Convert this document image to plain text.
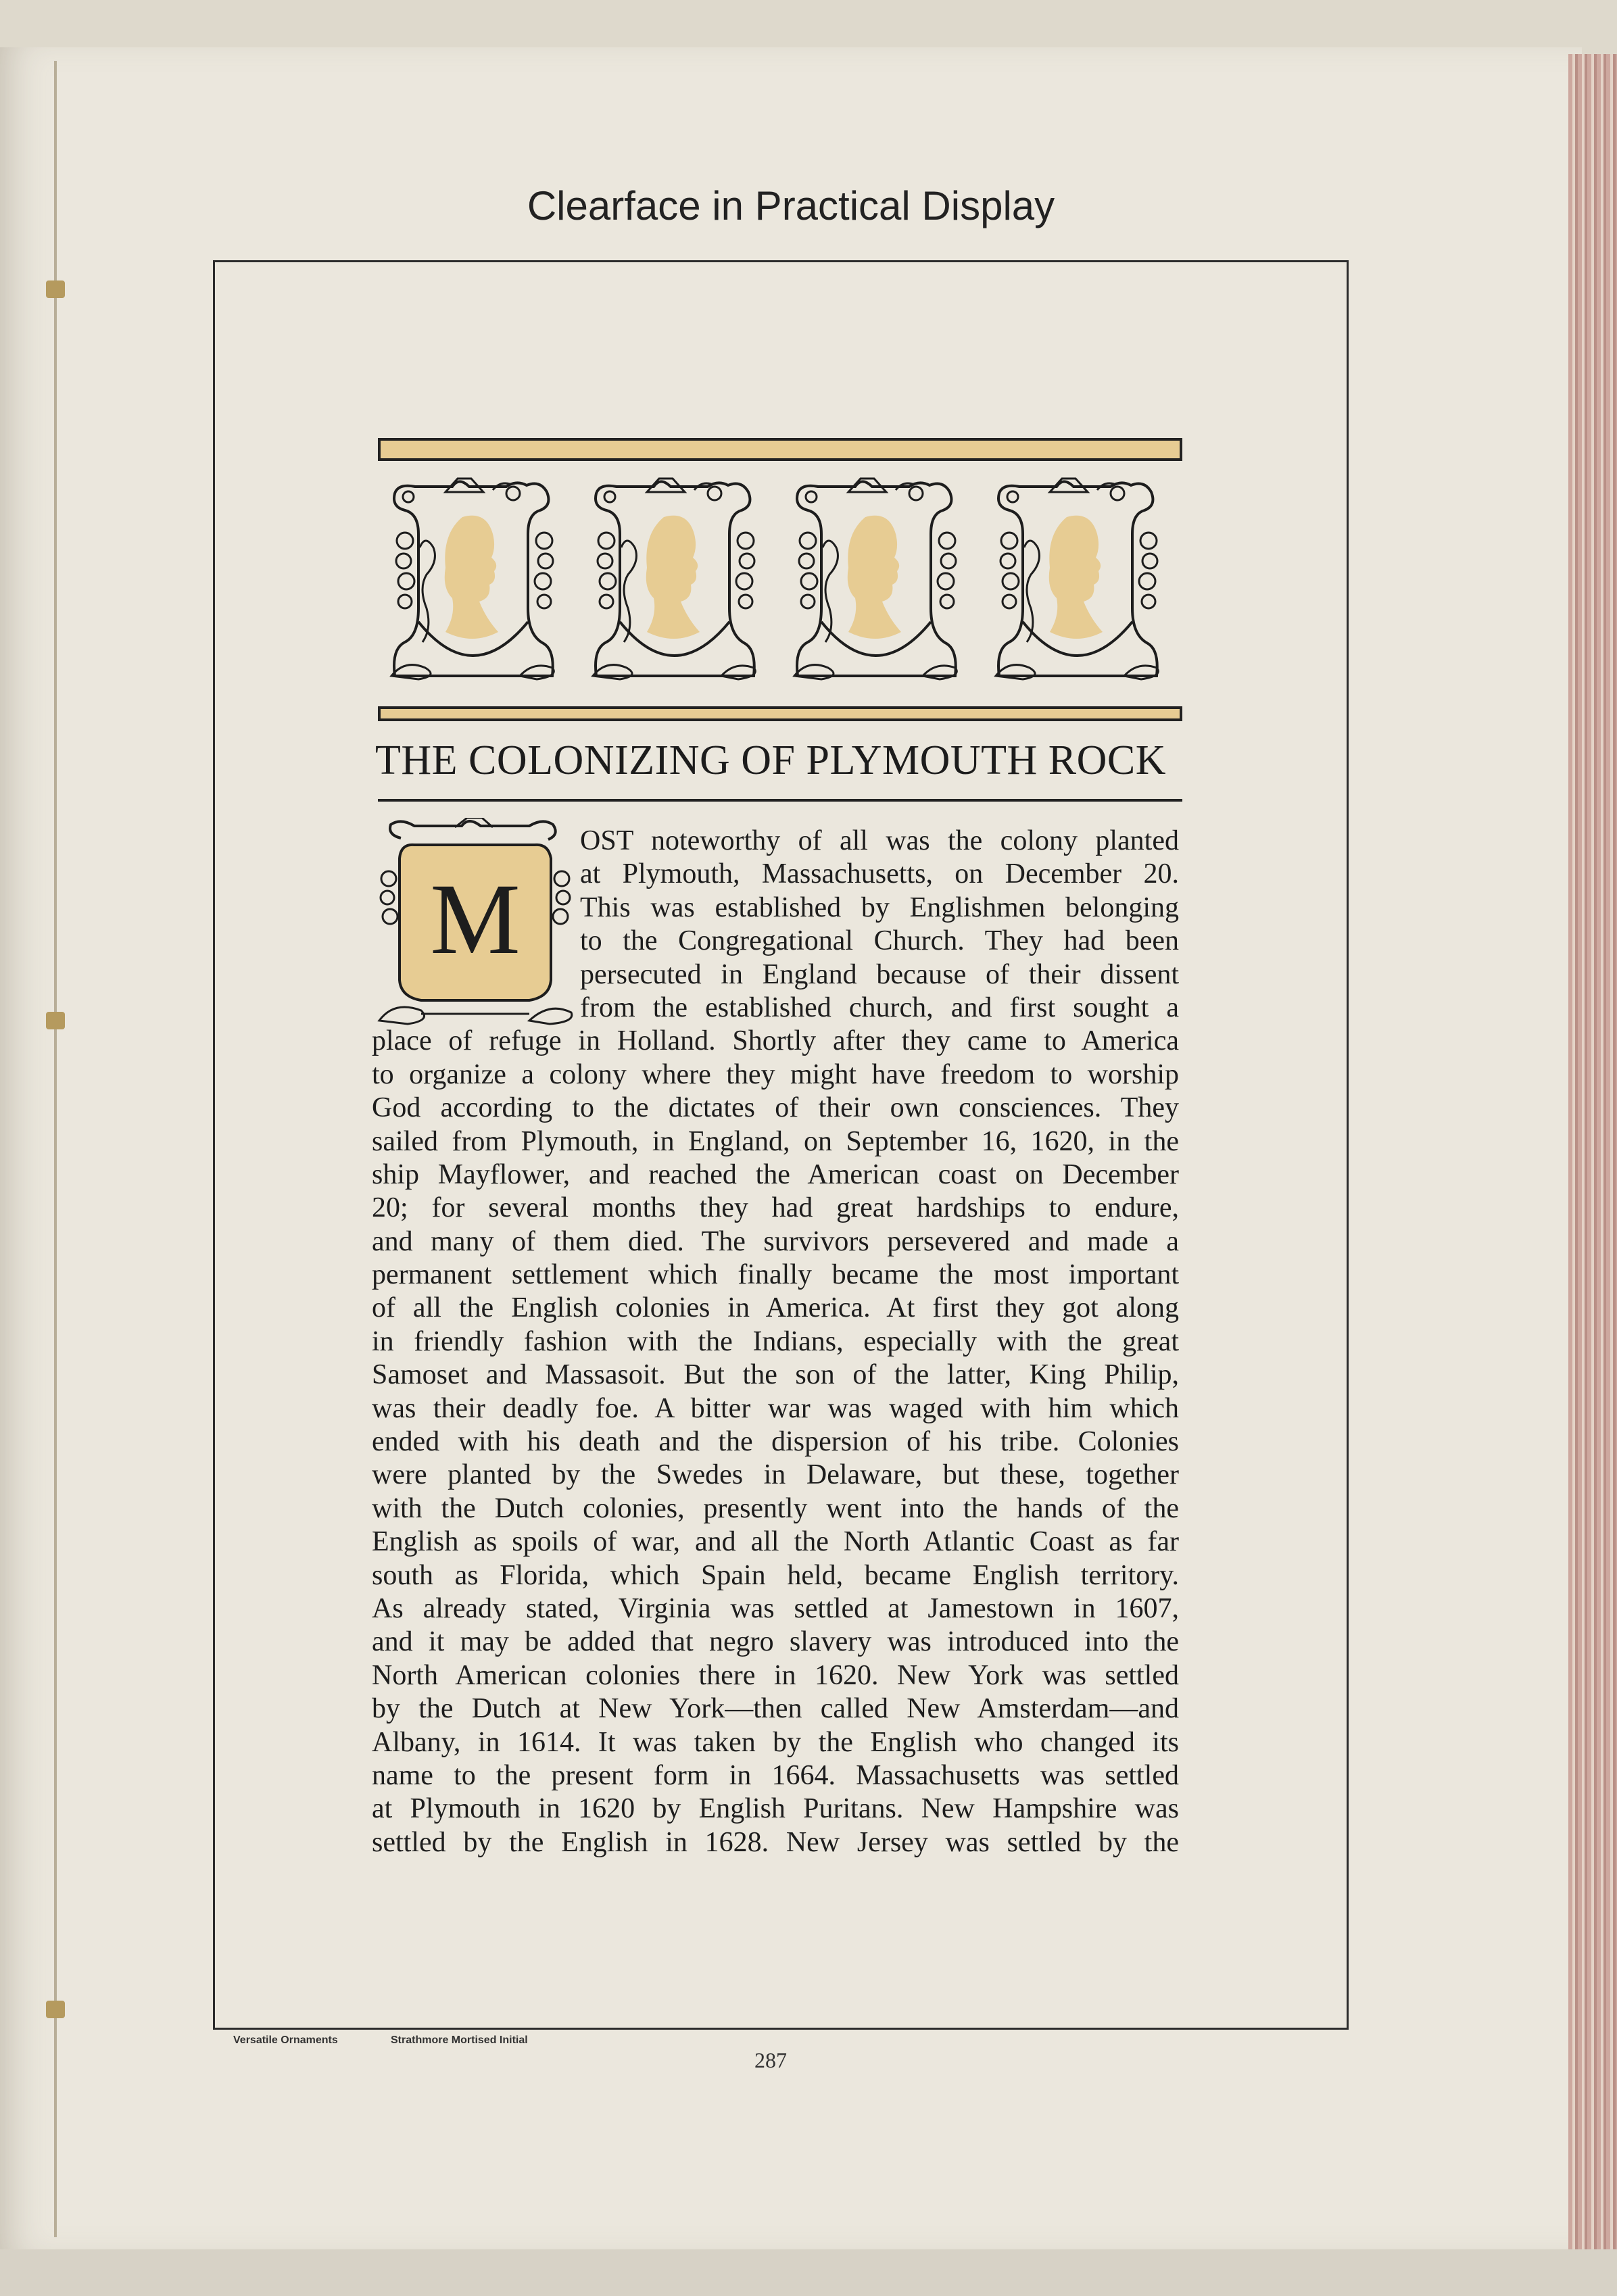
Clearface in Practical Display
THE COLONIZING OF PLYMOUTH ROCK
M
OST noteworthy of all was the colony planted
at Plymouth, Massachusetts, on December 20.
This was established by Englishmen belonging
to the Congregational Church. They had been
persecuted in England because of their dissent
from the established church, and first sought a
place of refuge in Holland. Shortly after they came to America
to organize a colony where they might have freedom to worship
God according to the dictates of their own consciences. They
sailed from Plymouth, in England, on September 16, 1620, in the
ship Mayflower, and reached the American coast on December
20; for several months they had great hardships to endure,
and many of them died. The survivors persevered and made a
permanent settlement which finally became the most important
of all the English colonies in America. At first they got along
in friendly fashion with the Indians, especially with the great
Samoset and Massasoit. But the son of the latter, King Philip,
was their deadly foe. A bitter war was waged with him which
ended with his death and the dispersion of his tribe. Colonies
were planted by the Swedes in Delaware, but these, together
with the Dutch colonies, presently went into the hands of the
English as spoils of war, and all the North Atlantic Coast as far
south as Florida, which Spain held, became English territory.
As already stated, Virginia was settled at Jamestown in 1607,
and it may be added that negro slavery was introduced into the
North American colonies there in 1620. New York was settled
by the Dutch at New York—then called New Amsterdam—and
Albany, in 1614. It was taken by the English who changed its
name to the present form in 1664. Massachusetts was settled
at Plymouth in 1620 by English Puritans. New Hampshire was
settled by the English in 1628. New Jersey was settled by the
Versatile Ornaments	Strathmore Mortised Initial
287
